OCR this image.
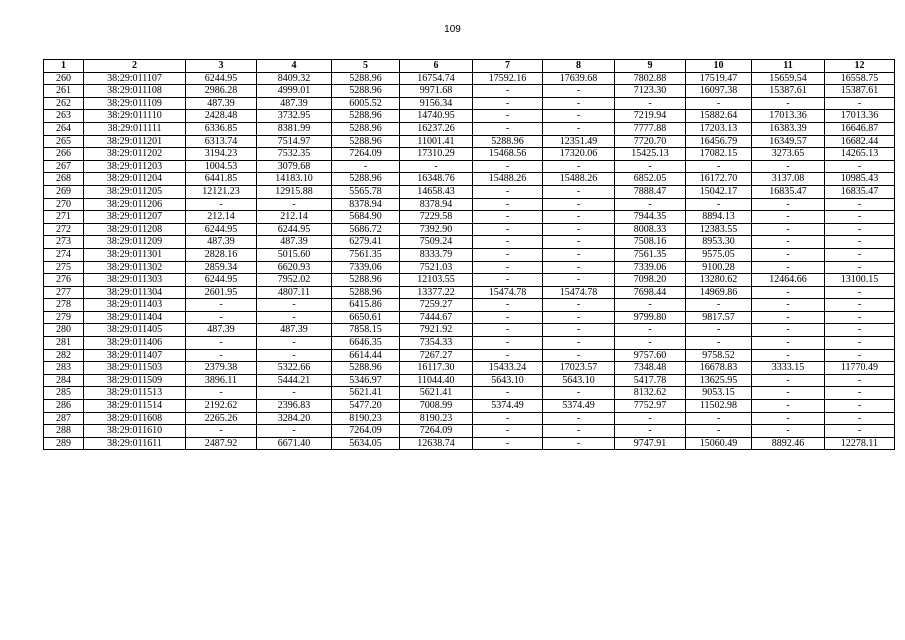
109
1	2	3	4	5	6	7	8	9	10	11	12
260	38:29:011107	6244.95	8409.32	5288.96	16754.74	17592.16	17639.68	7802.88	17519.47	15659.54	16558.75
261	38:29:011108	2986.28	4999.01	5288.96	9971.68	-	-	7123.30	16097.38	15387.61	15387.61
262	38:29:011109	487.39	487.39	6005.52	9156.34	-	-	-	-	-	-
263	38:29:011110	2428.48	3732.95	5288.96	14740.95	-	-	7219.94	15882.64	17013.36	17013.36
264	38:29:011111	6336.85	8381.99	5288.96	16237.26	-	-	7777.88	17203.13	16383.39	16646.87
265	38:29:011201	6313.74	7514.97	5288.96	11001.41	5288.96	12351.49	7720.70	16456.79	16349.57	16682.44
266	38:29:011202	3194.23	7532.35	7264.09	17310.29	15468.56	17320.06	15425.13	17082.15	3273.65	14265.13
267	38:29:011203	1004.53	3079.68	-	-	-	-	-	-	-	-
268	38:29:011204	6441.85	14183.10	5288.96	16348.76	15488.26	15488.26	6852.05	16172.70	3137.08	10985.43
269	38:29:011205	12121.23	12915.88	5565.78	14658.43	-	-	7888.47	15042.17	16835.47	16835.47
270	38:29:011206	-	-	8378.94	8378.94	-	-	-	-	-	-
271	38:29:011207	212.14	212.14	5684.90	7229.58	-	-	7944.35	8894.13	-	-
272	38:29:011208	6244.95	6244.95	5686.72	7392.90	-	-	8008.33	12383.55	-	-
273	38:29:011209	487.39	487.39	6279.41	7509.24	-	-	7508.16	8953.30	-	-
274	38:29:011301	2828.16	5015.60	7561.35	8333.79	-	-	7561.35	9575.05	-	-
275	38:29:011302	2859.34	6620.93	7339.06	7521.03	-	-	7339.06	9100.28	-	-
276	38:29:011303	6244.95	7952.02	5288.96	12103.55	-	-	7098.20	13280.62	12464.66	13100.15
277	38:29:011304	2601.95	4807.11	5288.96	13377.22	15474.78	15474.78	7698.44	14969.86	-	-
278	38:29:011403	-	-	6415.86	7259.27	-	-	-	-	-	-
279	38:29:011404	-	-	6650.61	7444.67	-	-	9799.80	9817.57	-	-
280	38:29:011405	487.39	487.39	7858.15	7921.92	-	-	-	-	-	-
281	38:29:011406	-	-	6646.35	7354.33	-	-	-	-	-	-
282	38:29:011407	-	-	6614.44	7267.27	-	-	9757.60	9758.52	-	-
283	38:29:011503	2379.38	5322.66	5288.96	16117.30	15433.24	17023.57	7348.48	16678.83	3333.15	11770.49
284	38:29:011509	3896.11	5444.21	5346.97	11044.40	5643.10	5643.10	5417.78	13625.95	-	-
285	38:29:011513	-	-	5621.41	5621.41	-	-	8132.62	9053.15	-	-
286	38:29:011514	2192.62	2396.83	5477.20	7008.99	5374.49	5374.49	7752.97	11502.98	-	-
287	38:29:011608	2265.26	3284.20	8190.23	8190.23	-	-	-	-	-	-
288	38:29:011610	-	-	7264.09	7264.09	-	-	-	-	-	-
289	38:29:011611	2487.92	6671.40	5634.05	12638.74	-	-	9747.91	15060.49	8892.46	12278.11
